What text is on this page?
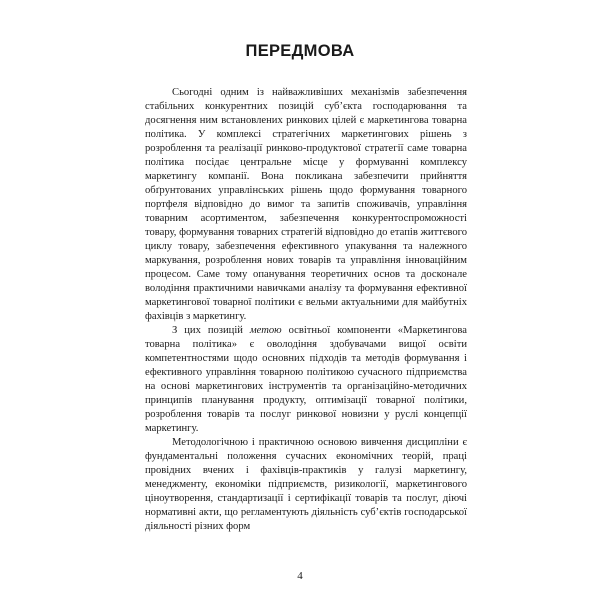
ПЕРЕДМОВА

Сьогодні одним із найважливіших механізмів забезпечення стабільних конкурентних позицій суб’єкта господарювання та досягнення ним встановлених ринкових цілей є маркетингова товарна політика. У комплексі стратегічних маркетингових рішень з розроблення та реалізації ринково-продуктової стратегії саме товарна політика посідає центральне місце у формуванні комплексу маркетингу компанії. Вона покликана забезпечити прийняття обґрунтованих управлінських рішень щодо формування товарного портфеля відповідно до вимог та запитів споживачів, управління товарним асортиментом, забезпечення конкурентоспроможності товару, формування товарних стратегій відповідно до етапів життєвого циклу товару, забезпечення ефективного упакування та належного маркування, розроблення нових товарів та управління інноваційним процесом. Саме тому опанування теоретичних основ та досконале володіння практичними навичками аналізу та формування ефективної маркетингової товарної політики є вельми актуальними для майбутніх фахівців з маркетингу.

З цих позицій метою освітньої компоненти «Маркетингова товарна політика» є оволодіння здобувачами вищої освіти компетентностями щодо основних підходів та методів формування і ефективного управління товарною політикою сучасного підприємства на основі маркетингових інструментів та організаційно-методичних принципів планування продукту, оптимізації товарної політики, розроблення товарів та послуг ринкової новизни у руслі концепції маркетингу.

Методологічною і практичною основою вивчення дисципліни є фундаментальні положення сучасних економічних теорій, праці провідних вчених і фахівців-практиків у галузі маркетингу, менеджменту, економіки підприємств, ризикології, маркетингового ціноутворення, стандартизації і сертифікації товарів та послуг, діючі нормативні акти, що регламентують діяльність суб’єктів господарської діяльності різних форм

4
